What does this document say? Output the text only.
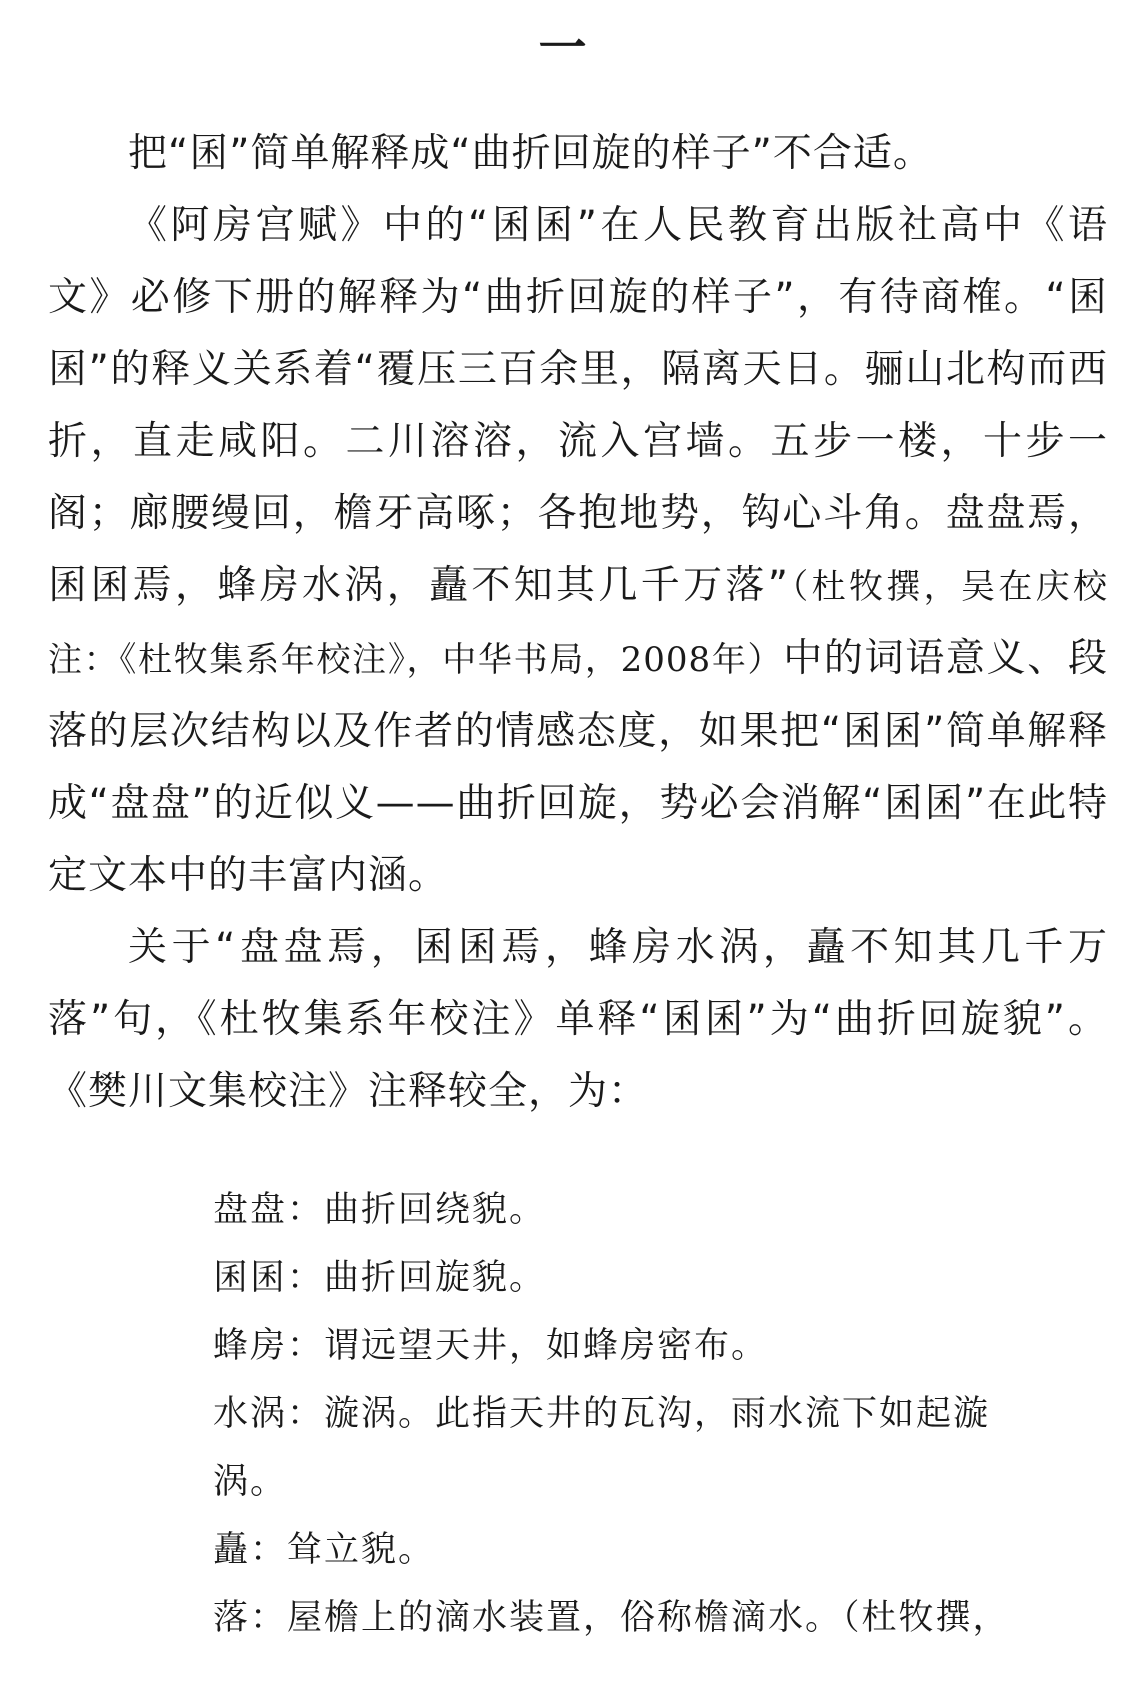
一

把“囷”简单解释成“曲折回旋的样子”不合适。

《阿房宫赋》中的“囷囷”在人民教育出版社高中《语文》必修下册的解释为“曲折回旋的样子”，有待商榷。“囷囷”的释义关系着“覆压三百余里，隔离天日。骊山北构而西折，直走咸阳。二川溶溶，流入宫墙。五步一楼，十步一阁；廊腰缦回，檐牙高啄；各抱地势，钩心斗角。盘盘焉，囷囷焉，蜂房水涡，矗不知其几千万落”（杜牧撰，吴在庆校注：《杜牧集系年校注》，中华书局，2008年）中的词语意义、段落的层次结构以及作者的情感态度，如果把“囷囷”简单解释成“盘盘”的近似义——曲折回旋，势必会消解“囷囷”在此特定文本中的丰富内涵。

关于“盘盘焉，囷囷焉，蜂房水涡，矗不知其几千万落”句，《杜牧集系年校注》单释“囷囷”为“曲折回旋貌”。《樊川文集校注》注释较全，为：

盘盘：曲折回绕貌。

囷囷：曲折回旋貌。

蜂房：谓远望天井，如蜂房密布。

水涡：漩涡。此指天井的瓦沟，雨水流下如起漩涡。

矗：耸立貌。

落：屋檐上的滴水装置，俗称檐滴水。（杜牧撰，
